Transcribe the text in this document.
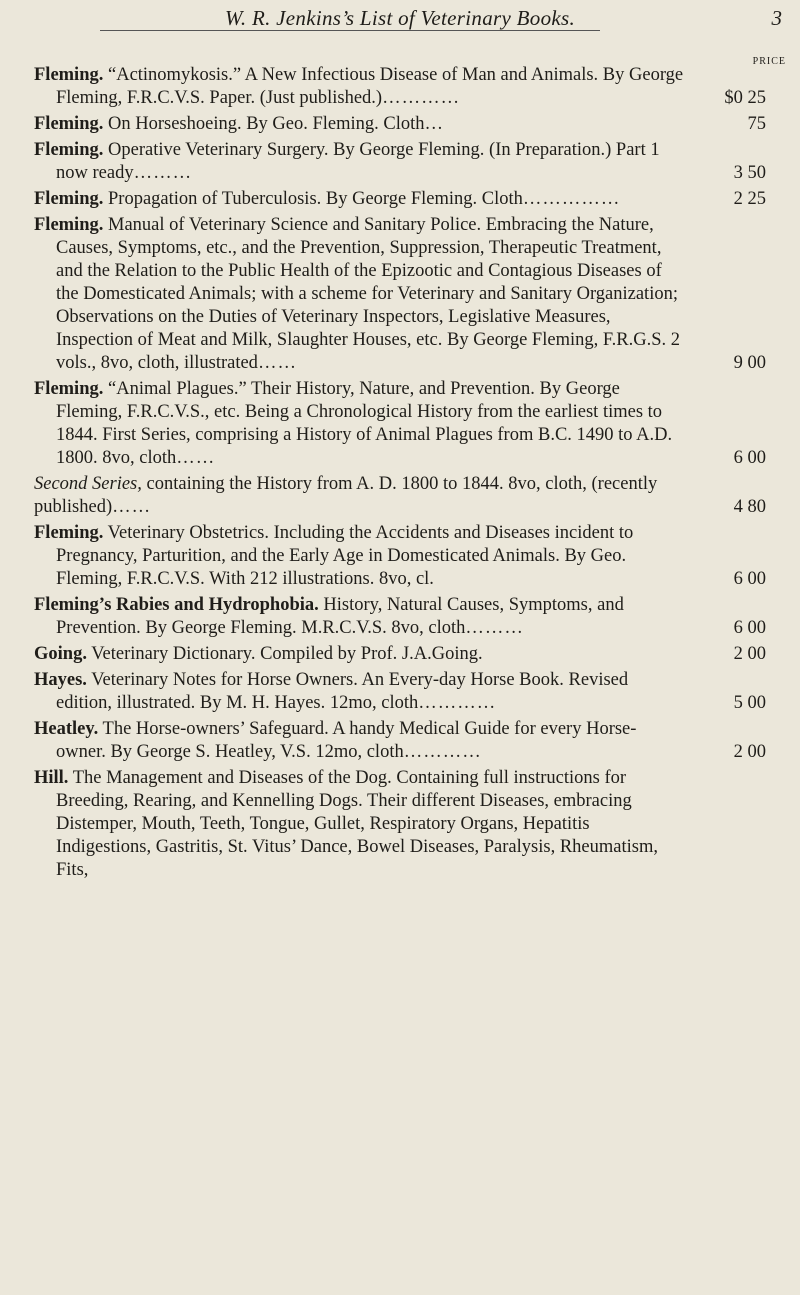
W. R. Jenkins’s List of Veterinary Books.	3
PRICE
Fleming. “Actinomykosis.” A New Infectious Disease of Man and Animals. By George Fleming, F.R.C.V.S. Paper. (Just published.)…………	$0 25
Fleming. On Horseshoeing. By Geo. Fleming. Cloth…	75
Fleming. Operative Veterinary Surgery. By George Fleming. (In Preparation.) Part 1 now ready………	3 50
Fleming. Propagation of Tuberculosis. By George Fleming. Cloth……………	2 25
Fleming. Manual of Veterinary Science and Sanitary Police. Embracing the Nature, Causes, Symptoms, etc., and the Prevention, Suppression, Therapeutic Treatment, and the Relation to the Public Health of the Epizootic and Contagious Diseases of the Domesticated Animals; with a scheme for Veterinary and Sanitary Organization; Observations on the Duties of Veterinary Inspectors, Legislative Measures, Inspection of Meat and Milk, Slaughter Houses, etc. By George Fleming, F.R.G.S. 2 vols., 8vo, cloth, illustrated……	9 00
Fleming. “Animal Plagues.” Their History, Nature, and Prevention. By George Fleming, F.R.C.V.S., etc. Being a Chronological History from the earliest times to 1844. First Series, comprising a History of Animal Plagues from B.C. 1490 to A.D. 1800. 8vo, cloth……	6 00
Second Series, containing the History from A. D. 1800 to 1844. 8vo, cloth, (recently published)……	4 80
Fleming. Veterinary Obstetrics. Including the Accidents and Diseases incident to Pregnancy, Parturition, and the Early Age in Domesticated Animals. By Geo. Fleming, F.R.C.V.S. With 212 illustrations. 8vo, cl.	6 00
Fleming’s Rabies and Hydrophobia. History, Natural Causes, Symptoms, and Prevention. By George Fleming. M.R.C.V.S. 8vo, cloth………	6 00
Going. Veterinary Dictionary. Compiled by Prof. J.A.Going.	2 00
Hayes. Veterinary Notes for Horse Owners. An Every-day Horse Book. Revised edition, illustrated. By M. H. Hayes. 12mo, cloth…………	5 00
Heatley. The Horse-owners’ Safeguard. A handy Medical Guide for every Horse-owner. By George S. Heatley, V.S. 12mo, cloth…………	2 00
Hill. The Management and Diseases of the Dog. Containing full instructions for Breeding, Rearing, and Kennelling Dogs. Their different Diseases, embracing Distemper, Mouth, Teeth, Tongue, Gullet, Respiratory Organs, Hepatitis Indigestions, Gastritis, St. Vitus’ Dance, Bowel Diseases, Paralysis, Rheumatism, Fits,
